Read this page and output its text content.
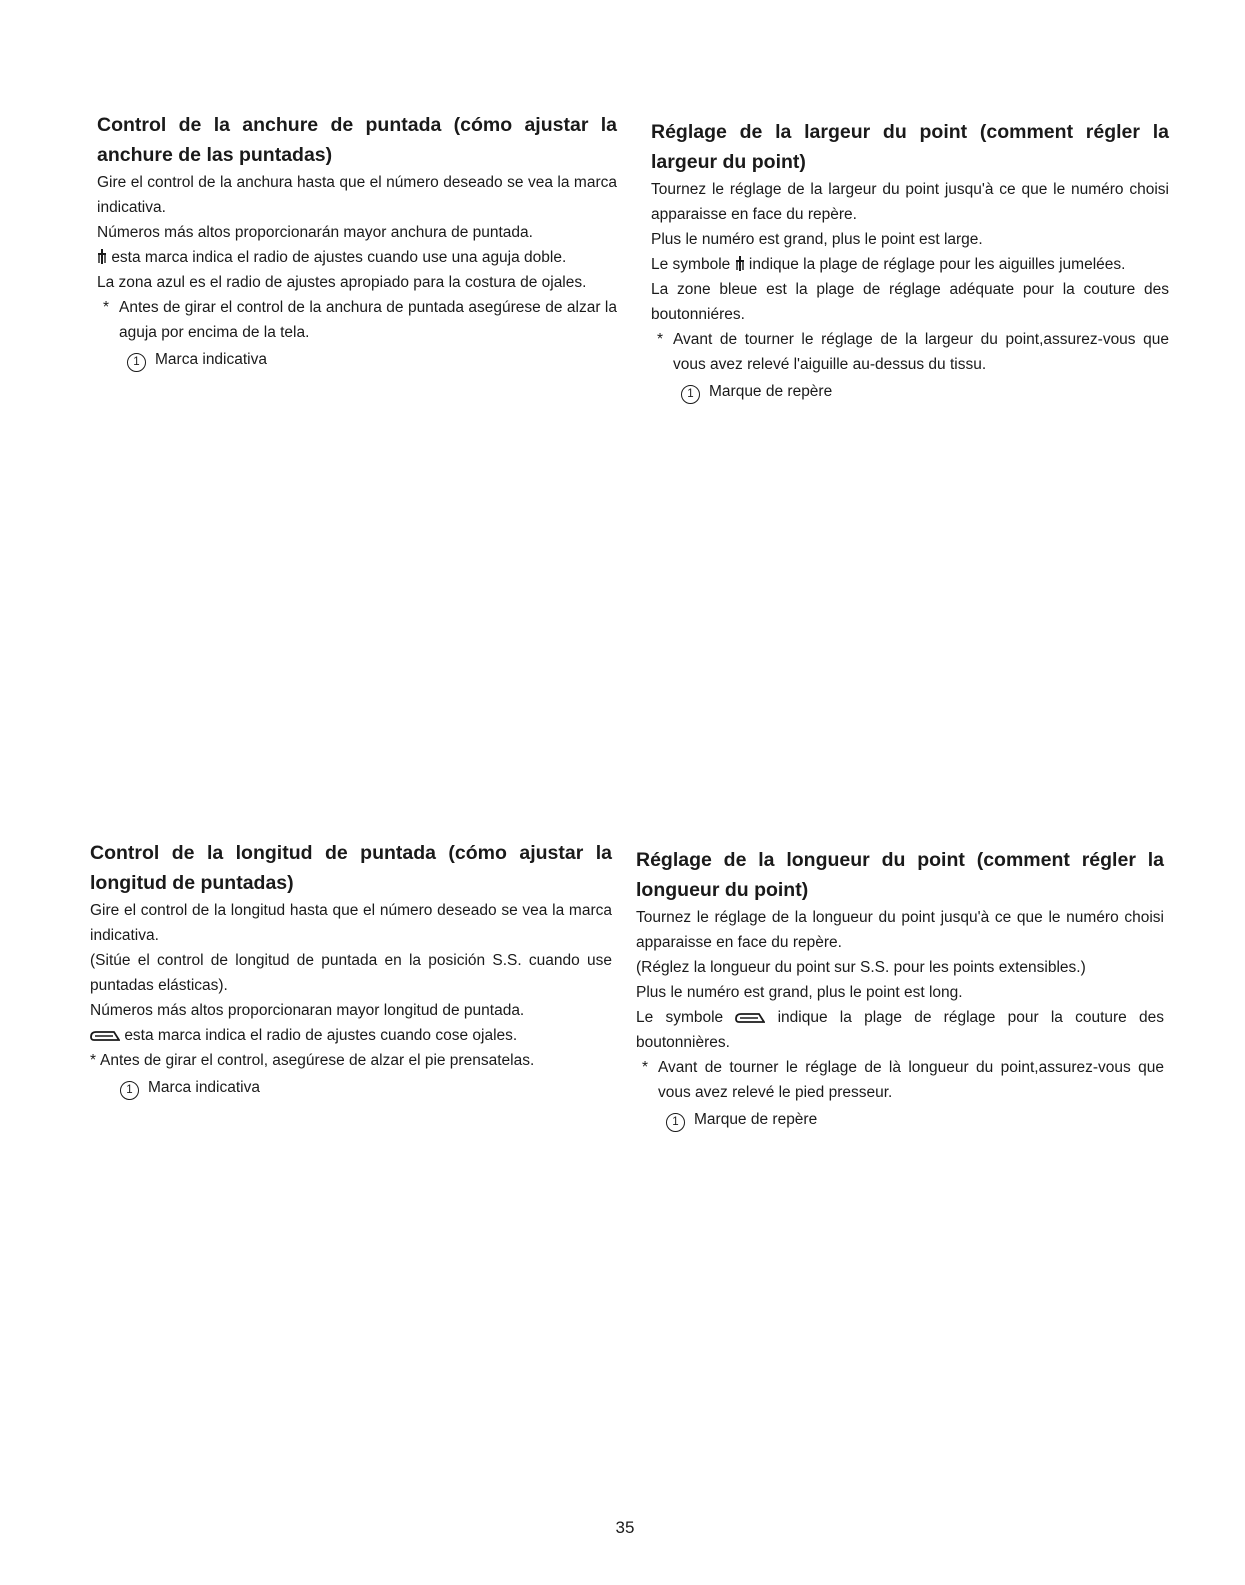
Control de la anchure de puntada (cómo ajustar la anchure de las puntadas)

Gire el control de la anchura hasta que el número deseado se vea la marca indicativa.

Números más altos proporcionarán mayor anchura de puntada.

esta marca indica el radio de ajustes cuando use una aguja doble.

La zona azul es el radio de ajustes apropiado para la costura de ojales.

* Antes de girar el control de la anchura de puntada asegúrese de alzar la aguja por encima de la tela.

1 Marca indicativa

Réglage de la largeur du point (comment régler la largeur du point)

Tournez le réglage de la largeur du point jusqu'à ce que le numéro choisi apparaisse en face du repère.

Plus le numéro est grand, plus le point est large.

Le symbole indique la plage de réglage pour les aiguilles jumelées.

La zone bleue est la plage de réglage adéquate pour la couture des boutonniéres.

* Avant de tourner le réglage de la largeur du point,assurez-vous que vous avez relevé l'aiguille au-dessus du tissu.

1 Marque de repère

Control de la longitud de puntada (cómo ajustar la longitud de puntadas)

Gire el control de la longitud hasta que el número deseado se vea la marca indicativa.

(Sitúe el control de longitud de puntada en la posición S.S. cuando use puntadas elásticas).

Números más altos proporcionaran mayor longitud de puntada.

esta marca indica el radio de ajustes cuando cose ojales.

* Antes de girar el control, asegúrese de alzar el pie prensatelas.

1 Marca indicativa

Réglage de la longueur du point (comment régler la longueur du point)

Tournez le réglage de la longueur du point jusqu'à ce que le numéro choisi apparaisse en face du repère.

(Réglez la longueur du point sur S.S. pour les points extensibles.)

Plus le numéro est grand, plus le point est long.

Le symbole	indique la plage de réglage pour la couture des boutonnières.

* Avant de tourner le réglage de là longueur du point,assurez-vous que vous avez relevé le pied presseur.

1 Marque de repère

35
